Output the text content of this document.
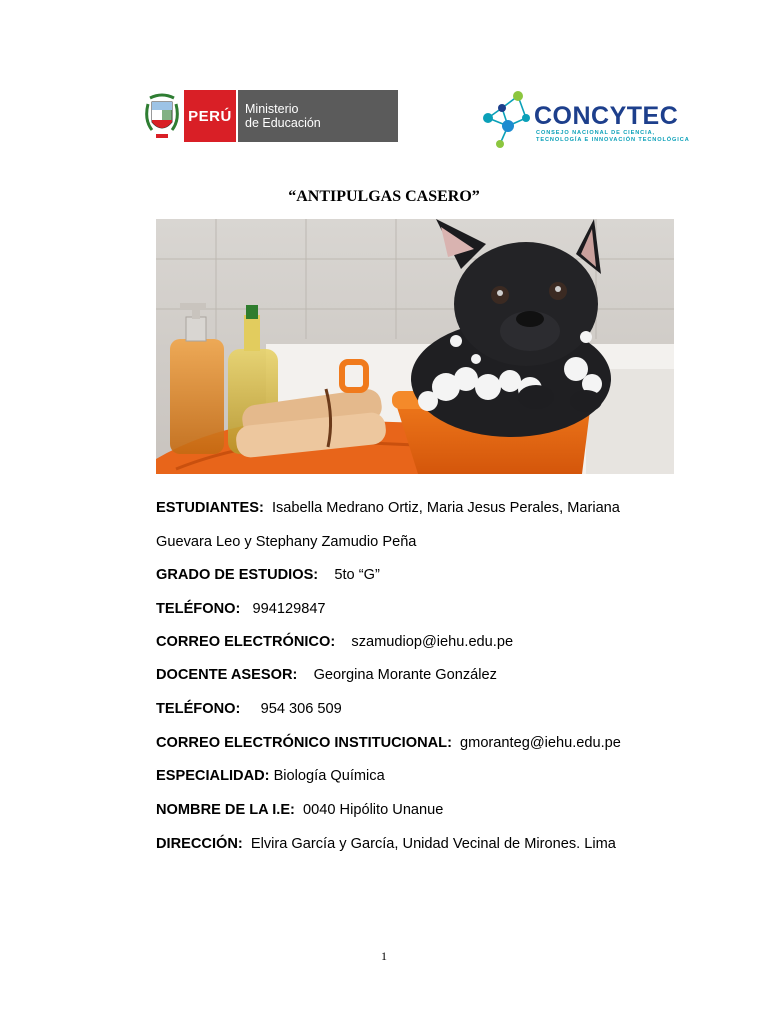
PERÚ	Ministerio
de Educación	CONCYTEC
CONSEJO NACIONAL DE CIENCIA,
TECNOLOGÍA E INNOVACIÓN TECNOLÓGICA
“ANTIPULGAS CASERO”
ESTUDIANTES: Isabella Medrano Ortiz, Maria Jesus Perales, Mariana
Guevara Leo y Stephany Zamudio Peña
GRADO DE ESTUDIOS: 5to “G”
TELÉFONO: 994129847
CORREO ELECTRÓNICO: szamudiop@iehu.edu.pe
DOCENTE ASESOR: Georgina Morante González
TELÉFONO: 954 306 509
CORREO ELECTRÓNICO INSTITUCIONAL: gmoranteg@iehu.edu.pe
ESPECIALIDAD: Biología Química
NOMBRE DE LA I.E: 0040 Hipólito Unanue
DIRECCIÓN: Elvira García y García, Unidad Vecinal de Mirones. Lima
1
